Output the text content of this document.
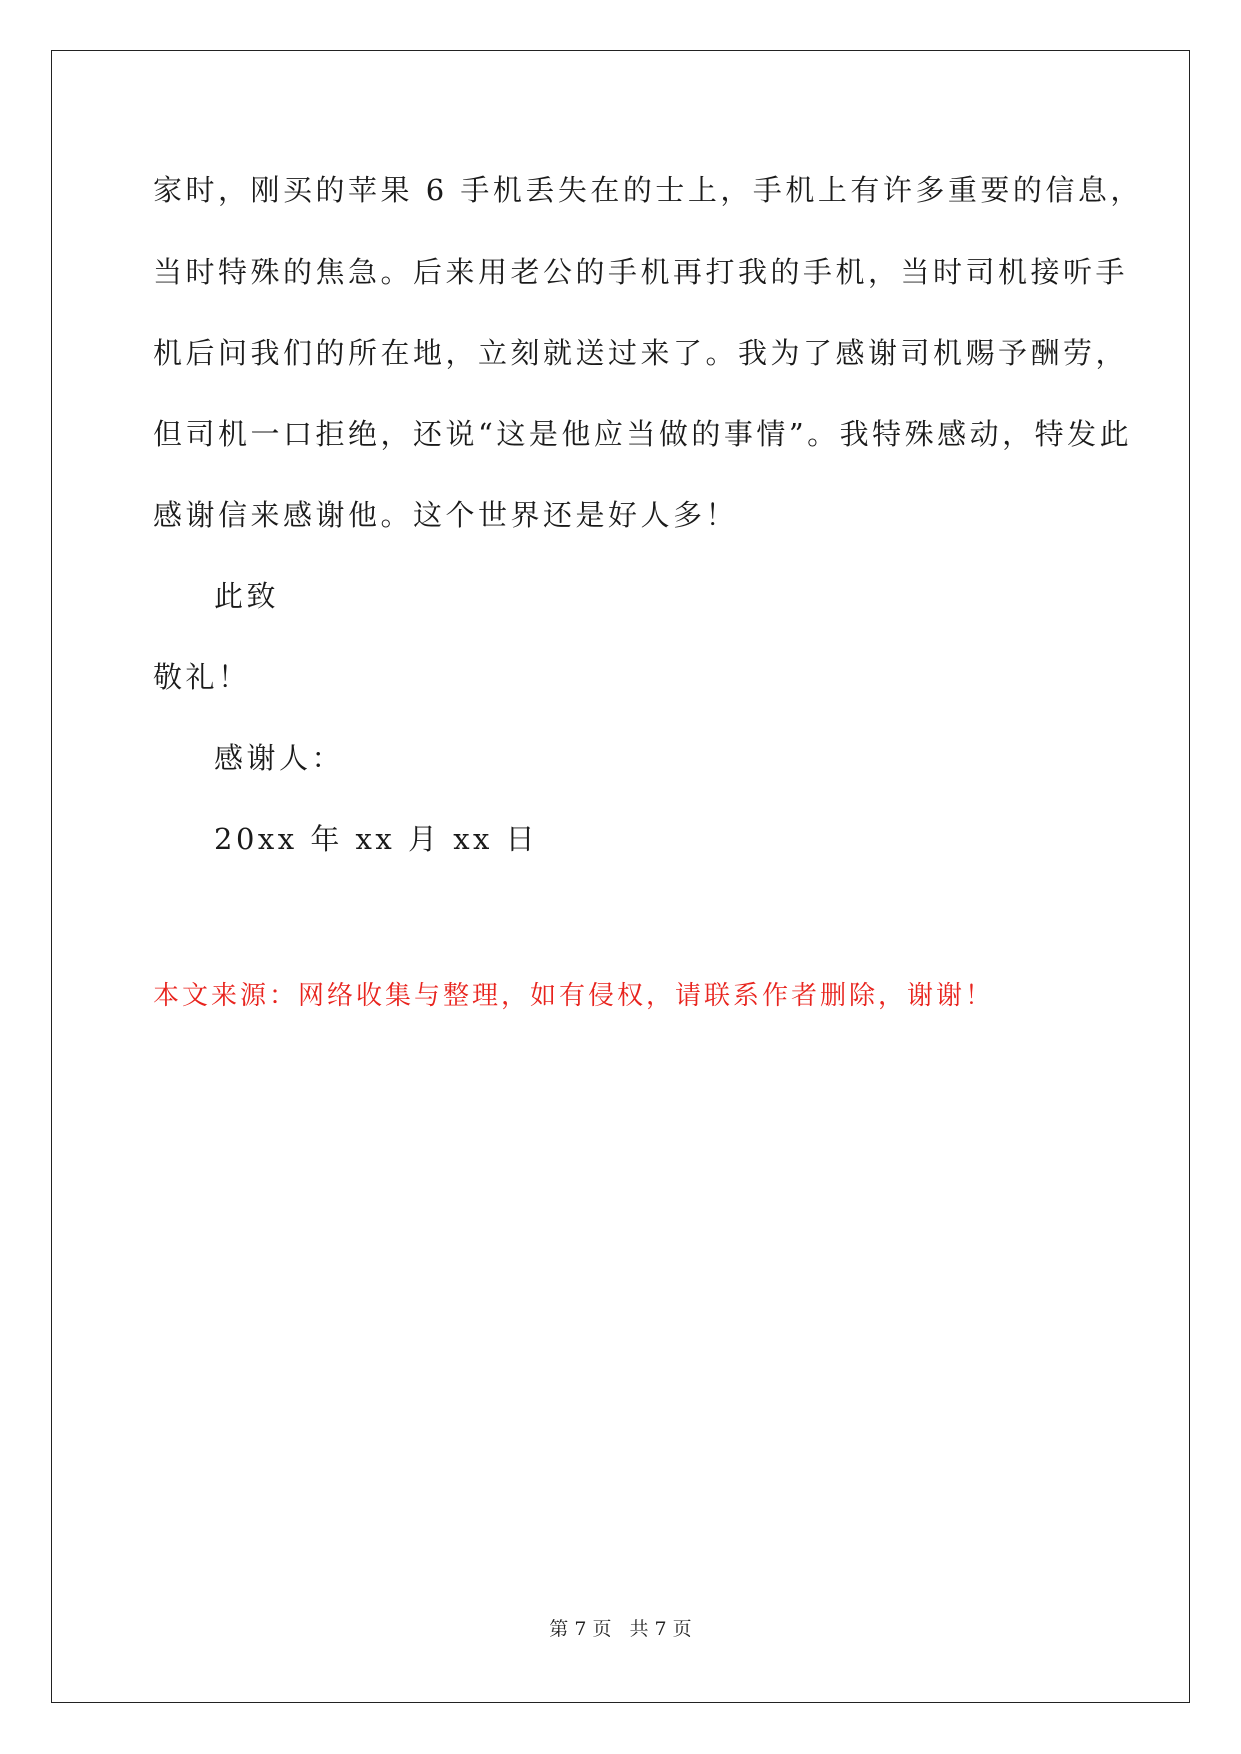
家时，刚买的苹果 6 手机丢失在的士上，手机上有许多重要的信息，
当时特殊的焦急。后来用老公的手机再打我的手机，当时司机接听手
机后问我们的所在地，立刻就送过来了。我为了感谢司机赐予酬劳，
但司机一口拒绝，还说“这是他应当做的事情”。我特殊感动，特发此
感谢信来感谢他。这个世界还是好人多！
此致
敬礼！
感谢人：
20xx 年 xx 月 xx 日
本文来源：网络收集与整理，如有侵权，请联系作者删除，谢谢！
第 7 页 共 7 页
